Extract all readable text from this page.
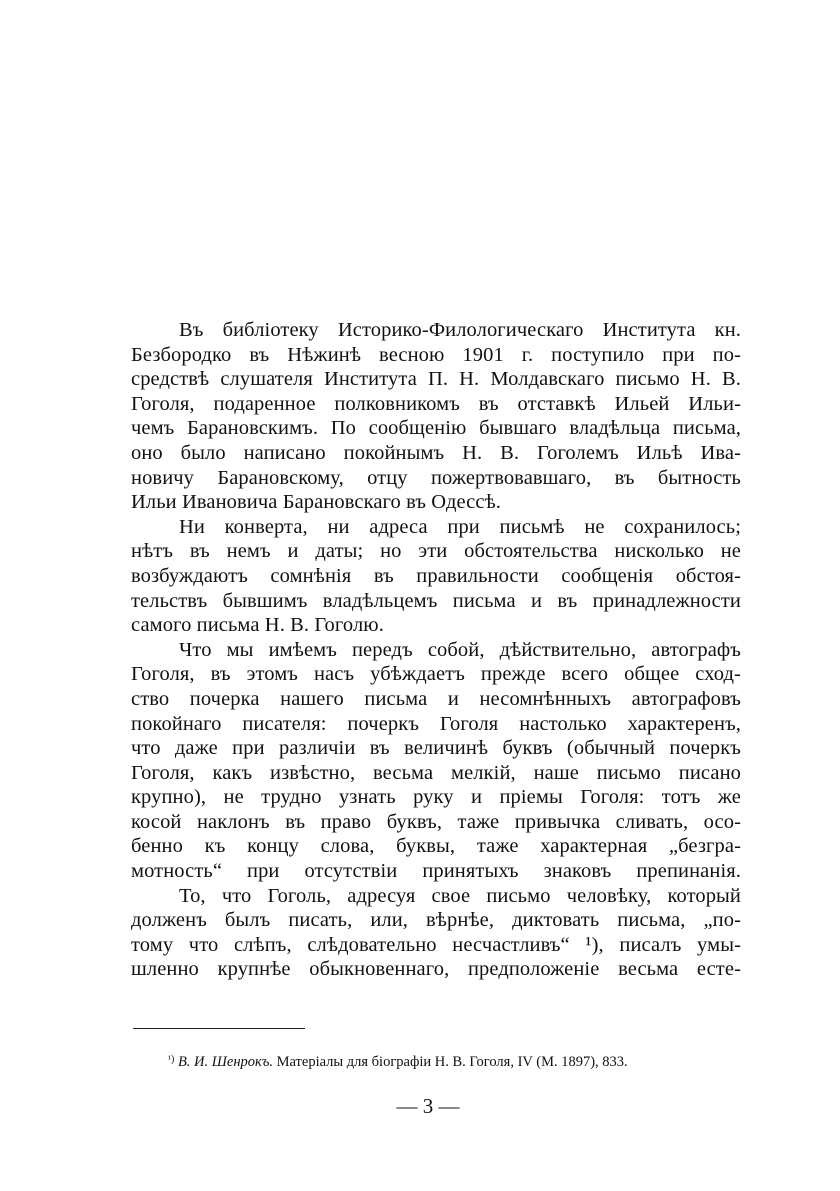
Въ библіотеку Историко-Филологическаго Института кн.
Безбородко въ Нѣжинѣ весною 1901 г. поступило при по-
средствѣ слушателя Института П. Н. Молдавскаго письмо Н. В.
Гоголя, подаренное полковникомъ въ отставкѣ Ильей Ильи-
чемъ Барановскимъ. По сообщенію бывшаго владѣльца письма,
оно было написано покойнымъ Н. В. Гоголемъ Ильѣ Ива-
новичу Барановскому, отцу пожертвовавшаго, въ бытность
Ильи Ивановича Барановскаго въ Одессѣ.

Ни конверта, ни адреса при письмѣ не сохранилось;
нѣтъ въ немъ и даты; но эти обстоятельства нисколько не
возбуждаютъ сомнѣнія въ правильности сообщенія обстоя-
тельствъ бывшимъ владѣльцемъ письма и въ принадлежности
самого письма Н. В. Гоголю.

Что мы имѣемъ передъ собой, дѣйствительно, автографъ
Гоголя, въ этомъ насъ убѣждаетъ прежде всего общее сход-
ство почерка нашего письма и несомнѣнныхъ автографовъ
покойнаго писателя: почеркъ Гоголя настолько характеренъ,
что даже при различіи въ величинѣ буквъ (обычный почеркъ
Гоголя, какъ извѣстно, весьма мелкій, наше письмо писано
крупно), не трудно узнать руку и пріемы Гоголя: тотъ же
косой наклонъ въ право буквъ, таже привычка сливать, осо-
бенно къ концу слова, буквы, таже характерная „безгра-
мотность“ при отсутствіи принятыхъ знаковъ препинанія.

То, что Гоголь, адресуя свое письмо человѣку, который
долженъ былъ писать, или, вѣрнѣе, диктовать письма, „по-
тому что слѣпъ, слѣдовательно несчастливъ“ ¹), писалъ умы-
шленно крупнѣе обыкновеннаго, предположеніе весьма есте-

$^{^1)}$ В. И. Шенрокъ. Матеріалы для біографіи Н. В. Гоголя, IV (М. 1897), 833.
— 3 —
